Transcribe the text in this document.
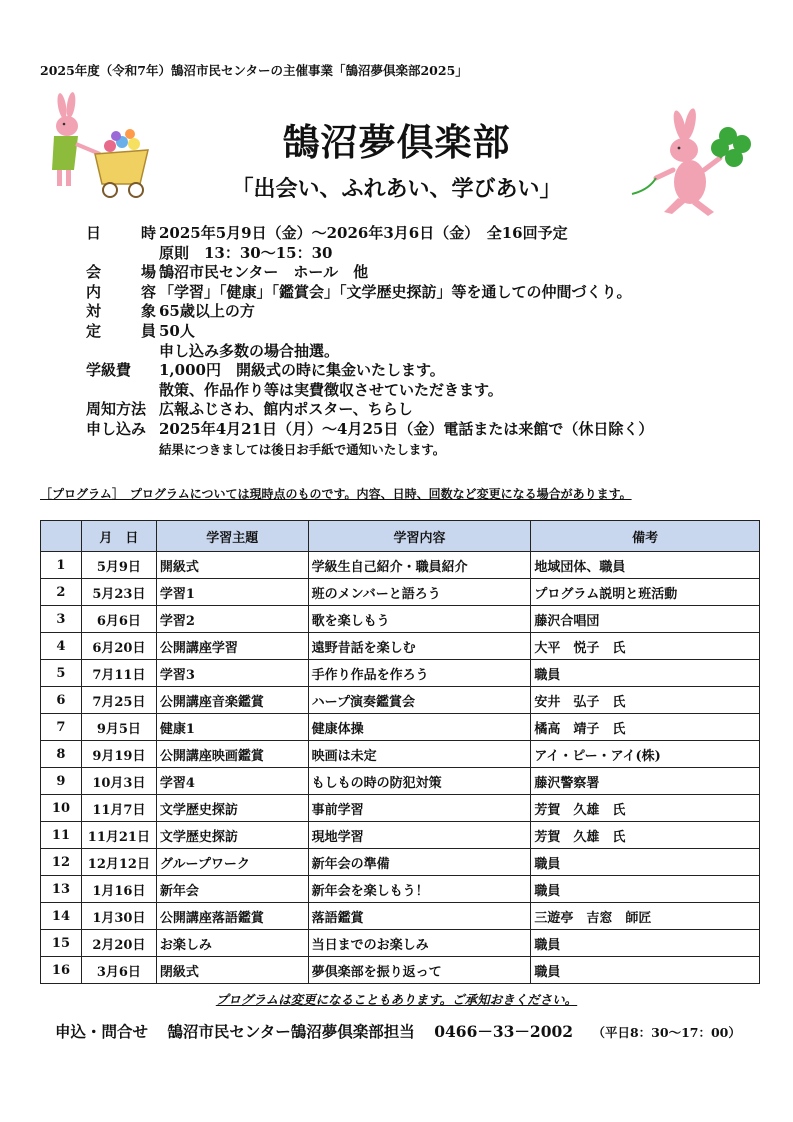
2025年度（令和7年）鵠沼市民センターの主催事業「鵠沼夢倶楽部2025」
鵠沼夢倶楽部
「出会い、ふれあい、学びあい」
日	時 2025年5月9日（金）～2026年3月6日（金）　全16回予定
原則　13：30～15：30
会	場 鵠沼市民センター　ホール　他
内	容 「学習」「健康」「鑑賞会」「文学歴史探訪」等を通しての仲間づくり。
対	象 65歳以上の方
定	員 50人
申し込み多数の場合抽選。
学級費	1,000円　開級式の時に集金いたします。
散策、作品作り等は実費徴収させていただきます。
周知方法 広報ふじさわ、館内ポスター、ちらし
申し込み 2025年4月21日（月）～4月25日（金）電話または来館で（休日除く）
結果につきましては後日お手紙で通知いたします。
［プログラム］　プログラムについては現時点のものです。内容、日時、回数など変更になる場合があります。
	月　日	学習主題	学習内容	備考
1	5月9日	開級式	学級生自己紹介・職員紹介	地域団体、職員
2	5月23日	学習1	班のメンバーと語ろう	プログラム説明と班活動
3	6月6日	学習2	歌を楽しもう	藤沢合唱団
4	6月20日	公開講座学習	遠野昔話を楽しむ	大平　悦子　氏
5	7月11日	学習3	手作り作品を作ろう	職員
6	7月25日	公開講座音楽鑑賞	ハープ演奏鑑賞会	安井　弘子　氏
7	9月5日	健康1	健康体操	橘高　靖子　氏
8	9月19日	公開講座映画鑑賞	映画は未定	アイ・ピー・アイ(株)
9	10月3日	学習4	もしもの時の防犯対策	藤沢警察署
10	11月7日	文学歴史探訪	事前学習	芳賀　久雄　氏
11	11月21日	文学歴史探訪	現地学習	芳賀　久雄　氏
12	12月12日	グループワーク	新年会の準備	職員
13	1月16日	新年会	新年会を楽しもう！	職員
14	1月30日	公開講座落語鑑賞	落語鑑賞	三遊亭　吉窓　師匠
15	2月20日	お楽しみ	当日までのお楽しみ	職員
16	3月6日	閉級式	夢倶楽部を振り返って	職員
プログラムは変更になることもあります。ご承知おきください。
申込・問合せ 鵠沼市民センター鵠沼夢倶楽部担当 0466－33－2002 （平日8：30～17：00）
